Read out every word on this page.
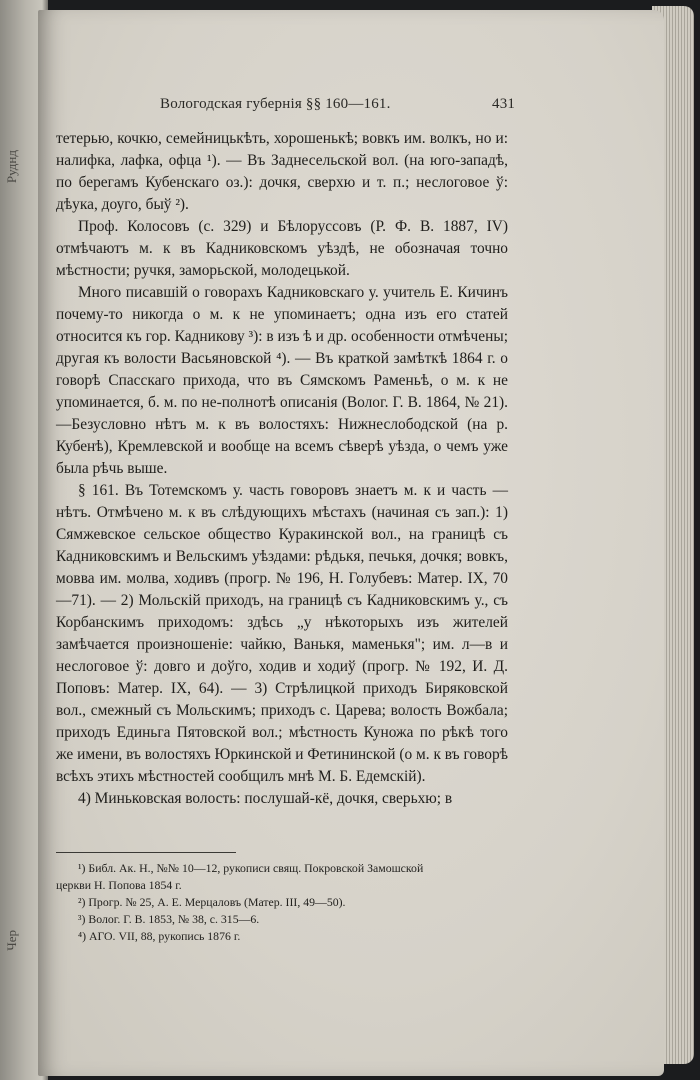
Руднд
Чер
Вологодская губернія §§ 160—161.	431

тетерью, кочкю, семейницькѣть, хорошенькѣ; вовкъ им. волкъ, но и: налифка, лафка, офца ¹). — Въ Заднесельской вол. (на юго-западѣ, по берегамъ Кубенскаго оз.): дочкя, сверхю и т. п.; неслоговое ў: дѣука, доуго, быў ²).

Проф. Колосовъ (с. 329) и Бѣлоруссовъ (Р. Ф. В. 1887, IV) отмѣчаютъ м. к въ Кадниковскомъ уѣздѣ, не обозначая точно мѣстности; ручкя, заморьской, молодецькой.

Много писавшій о говорахъ Кадниковскаго у. учитель Е. Кичинъ почему-то никогда о м. к не упоминаетъ; одна изъ его статей относится къ гор. Кадникову ³): в изъ ѣ и др. особенности отмѣчены; другая къ волости Васьяновской ⁴). — Въ краткой замѣткѣ 1864 г. о говорѣ Спасскаго прихода, что въ Сямскомъ Раменьѣ, о м. к не упоминается, б. м. по не-полнотѣ описанія (Волог. Г. В. 1864, № 21).—Безусловно нѣтъ м. к въ волостяхъ: Нижнеслободской (на р. Кубенѣ), Кремлевской и вообще на всемъ сѣверѣ уѣзда, о чемъ уже была рѣчь выше.

§ 161. Въ Тотемскомъ у. часть говоровъ знаетъ м. к и часть — нѣтъ. Отмѣчено м. к въ слѣдующихъ мѣстахъ (начиная съ зап.): 1) Сямжевское сельское общество Куракинской вол., на границѣ съ Кадниковскимъ и Вельскимъ уѣздами: рѣдькя, печькя, дочкя; вовкъ, мовва им. молва, ходивъ (прогр. № 196, Н. Голубевъ: Матер. IX, 70—71). — 2) Мольскій приходъ, на границѣ съ Кадниковскимъ у., съ Корбанскимъ приходомъ: здѣсь „у нѣкоторыхъ изъ жителей замѣчается произношеніе: чайкю, Ванькя, маменькя"; им. л—в и неслоговое ў: довго и доўго, ходив и ходиў (прогр. № 192, И. Д. Поповъ: Матер. IX, 64). — 3) Стрѣлицкой приходъ Биряковской вол., смежный съ Мольскимъ; приходъ с. Царева; волость Вожбала; приходъ Единьга Пятовской вол.; мѣстность Куножа по рѣкѣ того же имени, въ волостяхъ Юркинской и Фетининской (о м. к въ говорѣ всѣхъ этихъ мѣстностей сообщилъ мнѣ М. Б. Едемскій).

4) Миньковская волость: послушай-кё, дочкя, сверьхю; в

¹) Библ. Ак. Н., №№ 10—12, рукописи свящ. Покровской Замошской
церкви Н. Попова 1854 г.
²) Прогр. № 25, А. Е. Мерцаловъ (Матер. III, 49—50).
³) Волог. Г. В. 1853, № 38, с. 315—6.
⁴) АГО. VII, 88, рукопись 1876 г.
